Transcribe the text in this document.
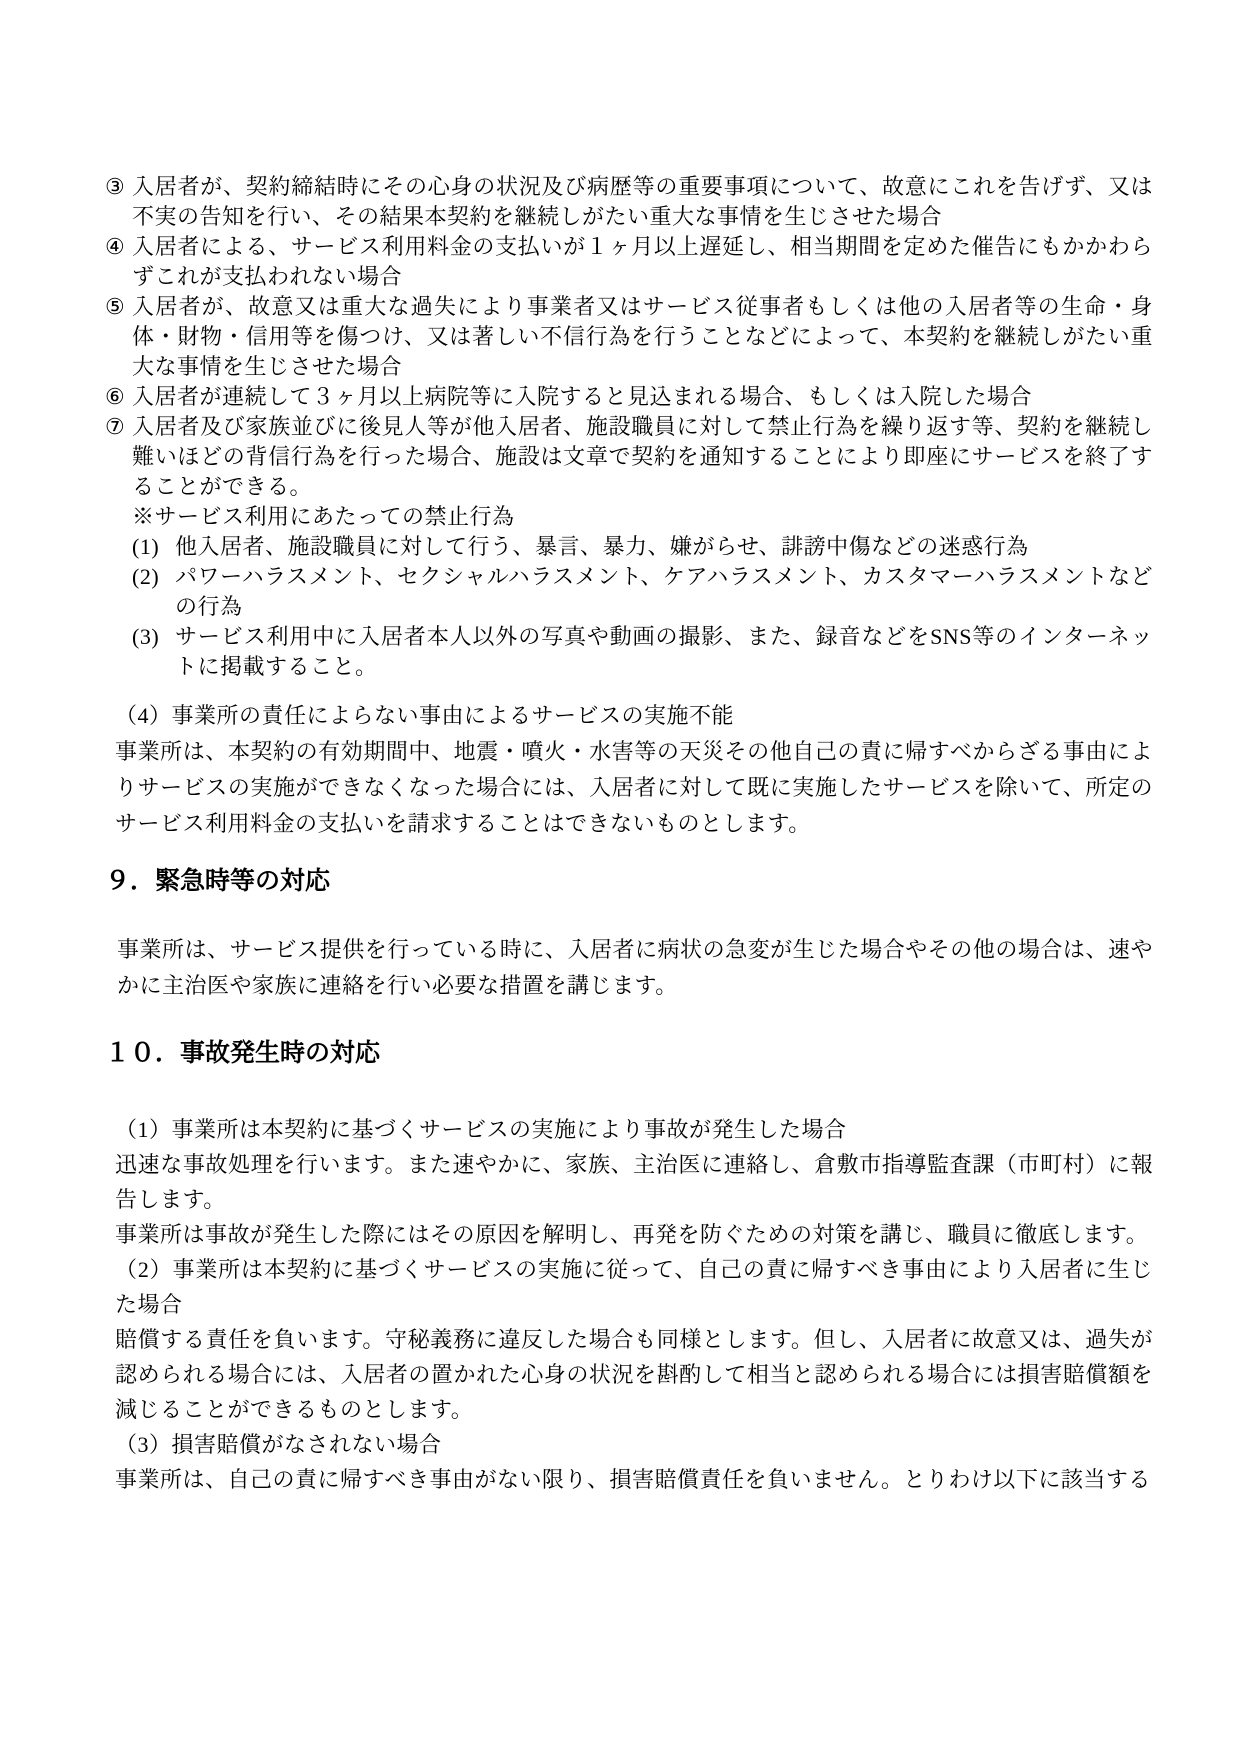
③ 入居者が、契約締結時にその心身の状況及び病歴等の重要事項について、故意にこれを告げず、又は不実の告知を行い、その結果本契約を継続しがたい重大な事情を生じさせた場合
④ 入居者による、サービス利用料金の支払いが１ヶ月以上遅延し、相当期間を定めた催告にもかかわらずこれが支払われない場合
⑤ 入居者が、故意又は重大な過失により事業者又はサービス従事者もしくは他の入居者等の生命・身体・財物・信用等を傷つけ、又は著しい不信行為を行うことなどによって、本契約を継続しがたい重大な事情を生じさせた場合
⑥ 入居者が連続して３ヶ月以上病院等に入院すると見込まれる場合、もしくは入院した場合
⑦ 入居者及び家族並びに後見人等が他入居者、施設職員に対して禁止行為を繰り返す等、契約を継続し難いほどの背信行為を行った場合、施設は文章で契約を通知することにより即座にサービスを終了することができる。
※サービス利用にあたっての禁止行為
(1) 他入居者、施設職員に対して行う、暴言、暴力、嫌がらせ、誹謗中傷などの迷惑行為
(2) パワーハラスメント、セクシャルハラスメント、ケアハラスメント、カスタマーハラスメントなどの行為
(3) サービス利用中に入居者本人以外の写真や動画の撮影、また、録音などをSNS等のインターネットに掲載すること。
（4）事業所の責任によらない事由によるサービスの実施不能
事業所は、本契約の有効期間中、地震・噴火・水害等の天災その他自己の責に帰すべからざる事由によりサービスの実施ができなくなった場合には、入居者に対して既に実施したサービスを除いて、所定のサービス利用料金の支払いを請求することはできないものとします。
９．緊急時等の対応
事業所は、サービス提供を行っている時に、入居者に病状の急変が生じた場合やその他の場合は、速やかに主治医や家族に連絡を行い必要な措置を講じます。
１０．事故発生時の対応
（1）事業所は本契約に基づくサービスの実施により事故が発生した場合
迅速な事故処理を行います。また速やかに、家族、主治医に連絡し、倉敷市指導監査課（市町村）に報告します。
事業所は事故が発生した際にはその原因を解明し、再発を防ぐための対策を講じ、職員に徹底します。
（2）事業所は本契約に基づくサービスの実施に従って、自己の責に帰すべき事由により入居者に生じた場合
賠償する責任を負います。守秘義務に違反した場合も同様とします。但し、入居者に故意又は、過失が認められる場合には、入居者の置かれた心身の状況を斟酌して相当と認められる場合には損害賠償額を減じることができるものとします。
（3）損害賠償がなされない場合
事業所は、自己の責に帰すべき事由がない限り、損害賠償責任を負いません。とりわけ以下に該当する
